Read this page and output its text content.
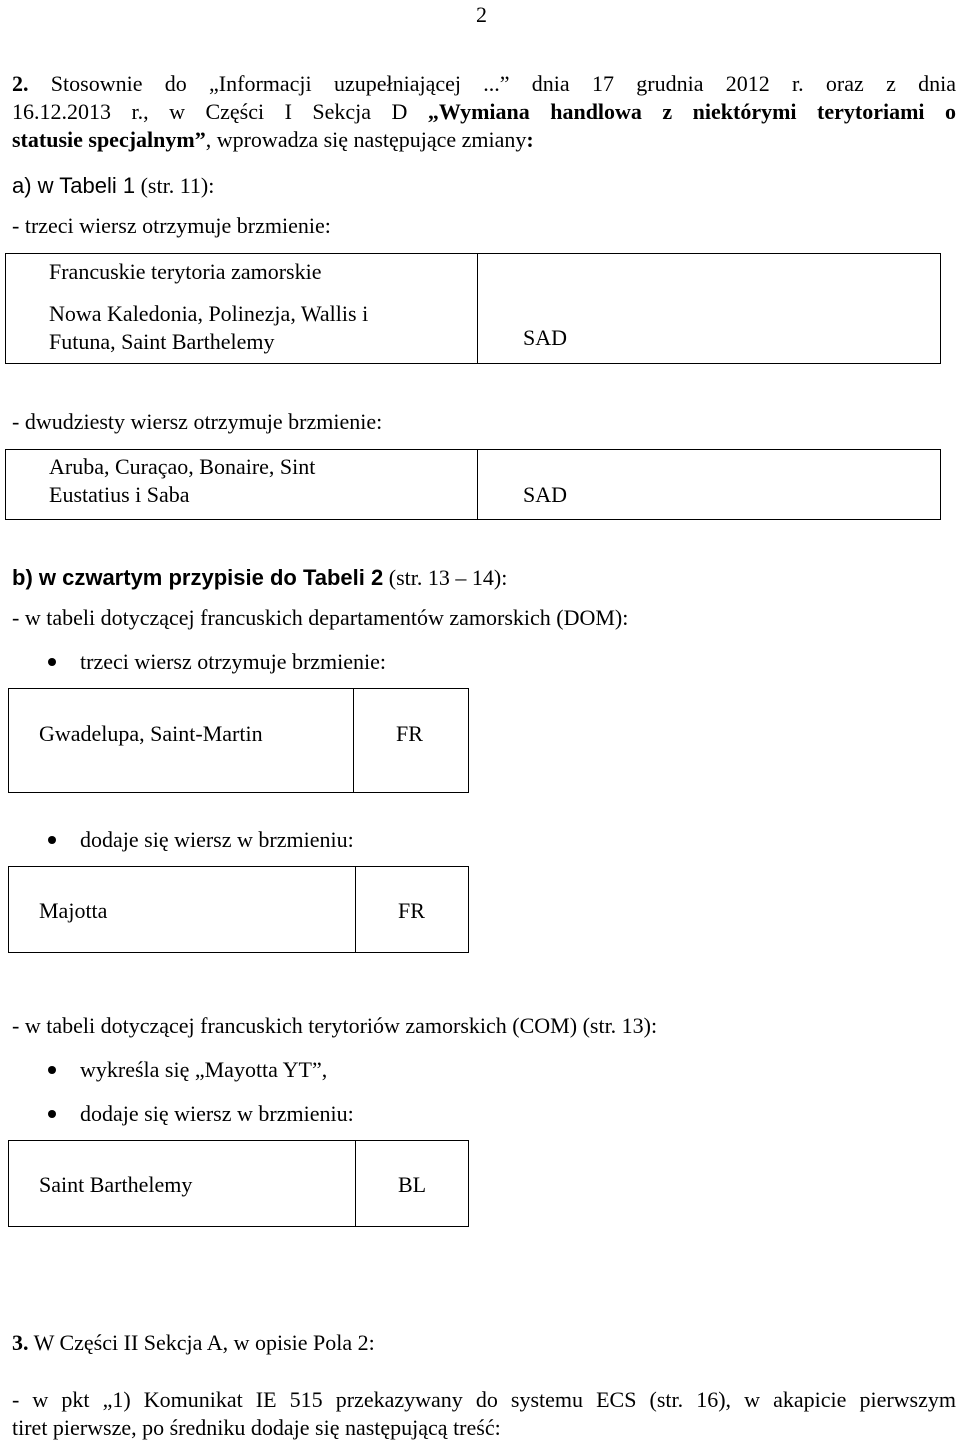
2
2. Stosownie do „Informacji uzupełniającej ...” dnia 17 grudnia 2012 r. oraz z dnia
16.12.2013 r., w Części I Sekcja D „Wymiana handlowa z niektórymi terytoriami o
statusie specjalnym”, wprowadza się następujące zmiany:
a) w Tabeli 1 (str. 11):
- trzeci wiersz otrzymuje brzmienie:
Francuskie terytoria zamorskie
Nowa Kaledonia, Polinezja, Wallis i
Futuna, Saint Barthelemy	SAD
- dwudziesty wiersz otrzymuje brzmienie:
Aruba, Curaçao, Bonaire, Sint
Eustatius i Saba	SAD
b) w czwartym przypisie do Tabeli 2 (str. 13 – 14):
- w tabeli dotyczącej francuskich departamentów zamorskich (DOM):
trzeci wiersz otrzymuje brzmienie:
Gwadelupa, Saint-Martin	FR
dodaje się wiersz w brzmieniu:
Majotta	FR
- w tabeli dotyczącej francuskich terytoriów zamorskich (COM) (str. 13):
wykreśla się „Mayotta YT”,
dodaje się wiersz w brzmieniu:
Saint Barthelemy	BL
3. W Części II Sekcja A, w opisie Pola 2:
- w pkt „1) Komunikat IE 515 przekazywany do systemu ECS (str. 16), w akapicie pierwszym
tiret pierwsze, po średniku dodaje się następującą treść:
